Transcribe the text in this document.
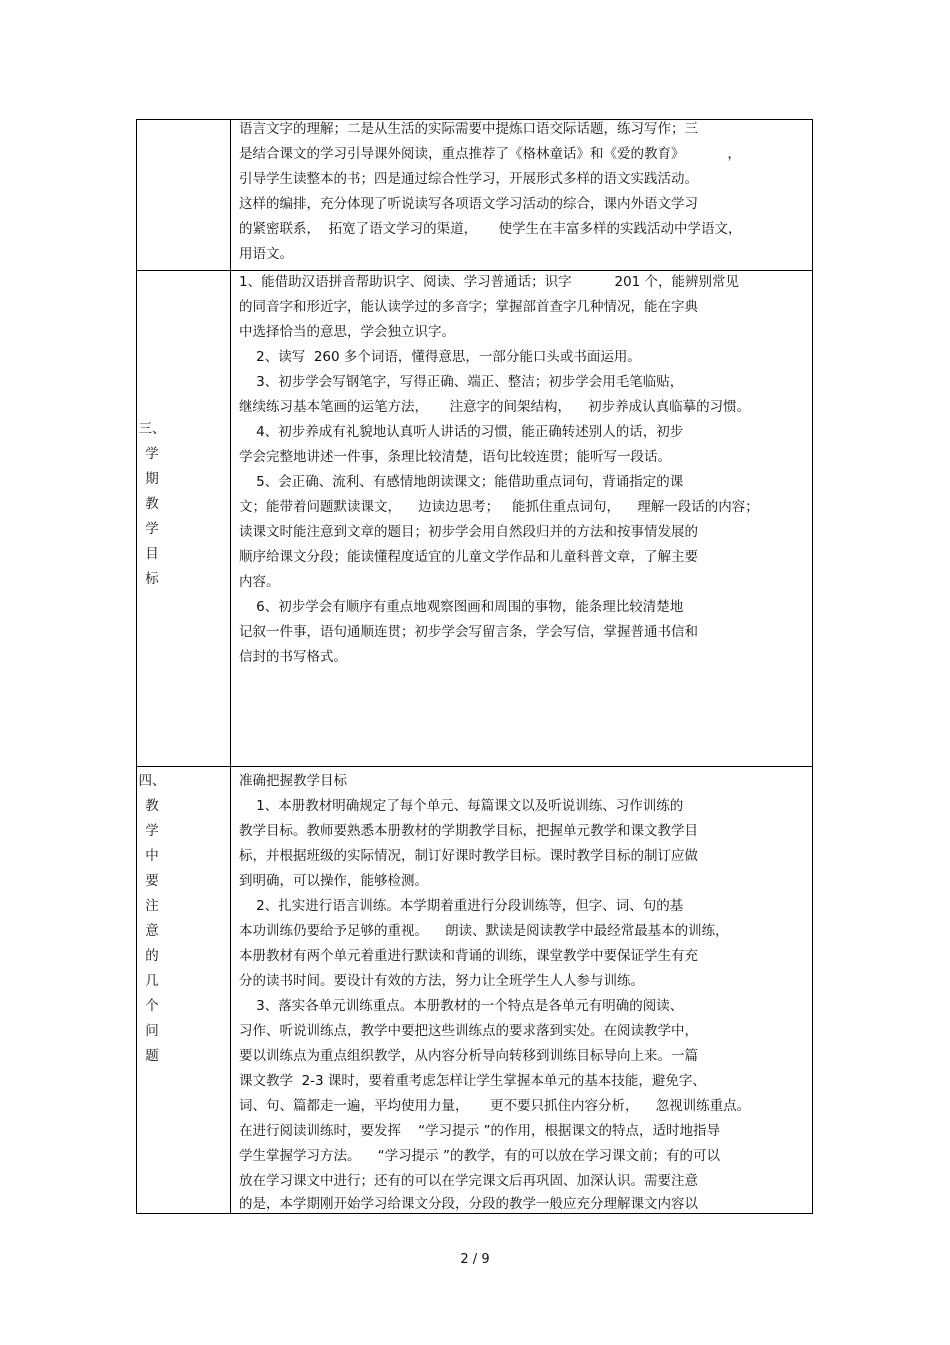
语言文字的理解；二是从生活的实际需要中提炼口语交际话题，练习写作；三
是结合课文的学习引导课外阅读，重点推荐了《格林童话》和《爱的教育》          ，
引导学生读整本的书；四是通过综合性学习，开展形式多样的语文实践活动。
这样的编排，充分体现了听说读写各项语文学习活动的综合，课内外语文学习
的紧密联系，  拓宽了语文学习的渠道，     使学生在丰富多样的实践活动中学语文，
用语文。
三、
学
期
教
学
目
标
1、能借助汉语拼音帮助识字、阅读、学习普通话；识字          201 个，能辨别常见
的同音字和形近字，能认读学过的多音字；掌握部首查字几种情况，能在字典
中选择恰当的意思，学会独立识字。
2、读写  260 多个词语，懂得意思，一部分能口头或书面运用。
3、初步学会写钢笔字，写得正确、端正、整洁；初步学会用毛笔临贴，
继续练习基本笔画的运笔方法，     注意字的间架结构，    初步养成认真临摹的习惯。
4、初步养成有礼貌地认真听人讲话的习惯，能正确转述别人的话，初步
学会完整地讲述一件事，条理比较清楚，语句比较连贯；能听写一段话。
5、会正确、流利、有感情地朗读课文；能借助重点词句，背诵指定的课
文；能带着问题默读课文，    边读边思考；   能抓住重点词句，    理解一段话的内容；
读课文时能注意到文章的题目；初步学会用自然段归并的方法和按事情发展的
顺序给课文分段；能读懂程度适宜的儿童文学作品和儿童科普文章，了解主要
内容。
6、初步学会有顺序有重点地观察图画和周围的事物，能条理比较清楚地
记叙一件事，语句通顺连贯；初步学会写留言条，学会写信，掌握普通书信和
信封的书写格式。
四、
教
学
中
要
注
意
的
几
个
问
题
准确把握教学目标
1、本册教材明确规定了每个单元、每篇课文以及听说训练、习作训练的
教学目标。教师要熟悉本册教材的学期教学目标，把握单元教学和课文教学目
标，并根据班级的实际情况，制订好课时教学目标。课时教学目标的制订应做
到明确，可以操作，能够检测。
2、扎实进行语言训练。本学期着重进行分段训练等，但字、词、句的基
本功训练仍要给予足够的重视。    朗读、默读是阅读教学中最经常最基本的训练，
本册教材有两个单元着重进行默读和背诵的训练，课堂教学中要保证学生有充
分的读书时间。要设计有效的方法，努力让全班学生人人参与训练。
3、落实各单元训练重点。本册教材的一个特点是各单元有明确的阅读、
习作、听说训练点，教学中要把这些训练点的要求落到实处。在阅读教学中，
要以训练点为重点组织教学，从内容分析导向转移到训练目标导向上来。一篇
课文教学  2-3 课时，要着重考虑怎样让学生掌握本单元的基本技能，避免字、
词、句、篇都走一遍，平均使用力量，     更不要只抓住内容分析，    忽视训练重点。
在进行阅读训练时，要发挥    “学习提示 ”的作用，根据课文的特点，适时地指导
学生掌握学习方法。    “学习提示 ”的教学，有的可以放在学习课文前；有的可以
放在学习课文中进行；还有的可以在学完课文后再巩固、加深认识。需要注意
的是，本学期刚开始学习给课文分段，分段的教学一般应充分理解课文内容以
2 / 9
